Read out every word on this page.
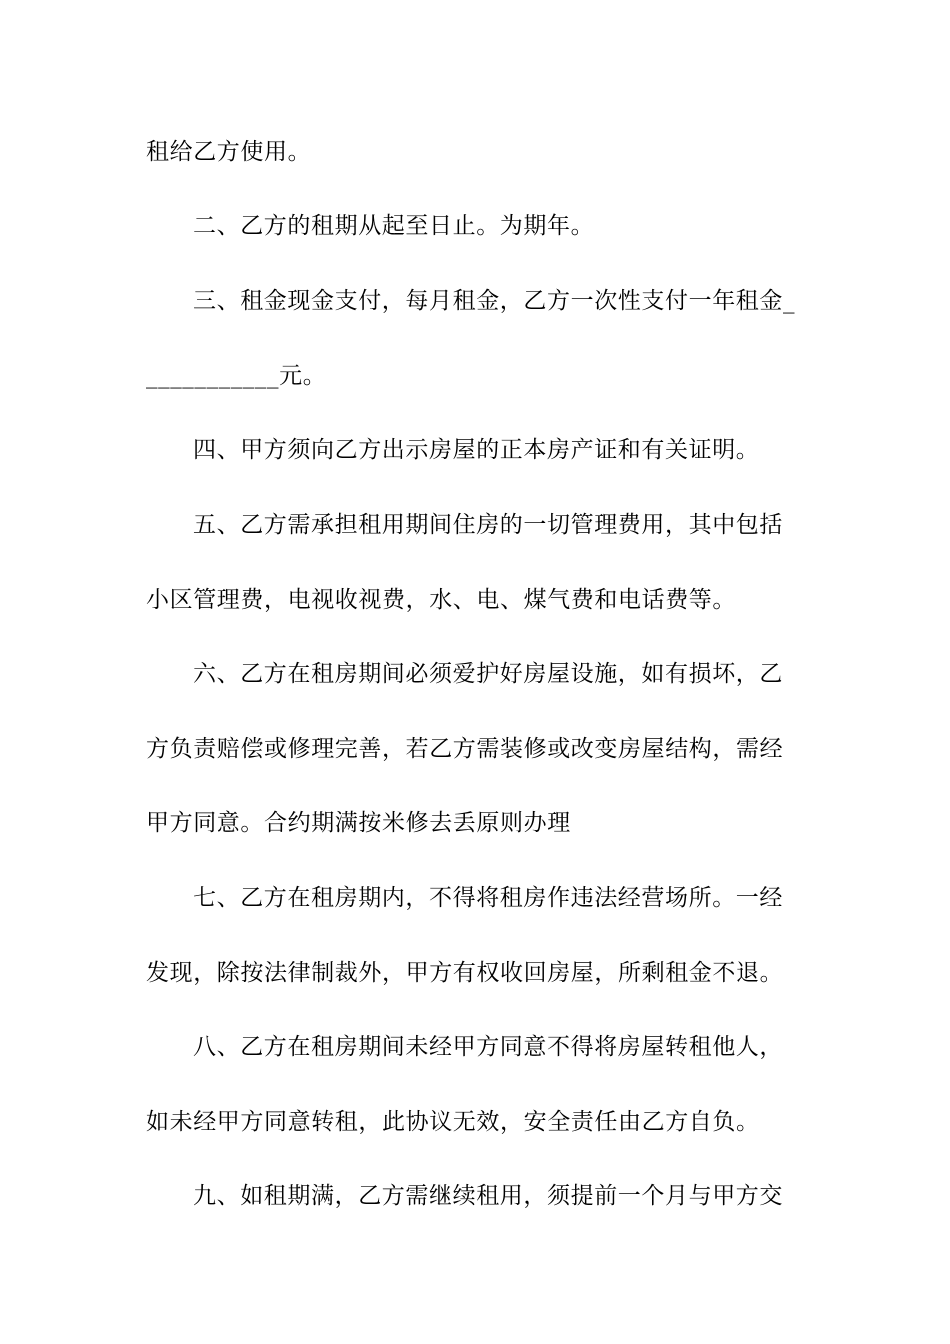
租给乙方使用。
二、乙方的租期从起至日止。为期年。
三、租金现金支付，每月租金，乙方一次性支付一年租金_
___________元。
四、甲方须向乙方出示房屋的正本房产证和有关证明。
五、乙方需承担租用期间住房的一切管理费用，其中包括
小区管理费，电视收视费，水、电、煤气费和电话费等。
六、乙方在租房期间必须爱护好房屋设施，如有损坏，乙
方负责赔偿或修理完善，若乙方需装修或改变房屋结构，需经
甲方同意。合约期满按米修去丢原则办理
七、乙方在租房期内，不得将租房作违法经营场所。一经
发现，除按法律制裁外，甲方有权收回房屋，所剩租金不退。
八、乙方在租房期间未经甲方同意不得将房屋转租他人，
如未经甲方同意转租，此协议无效，安全责任由乙方自负。
九、如租期满，乙方需继续租用，须提前一个月与甲方交
